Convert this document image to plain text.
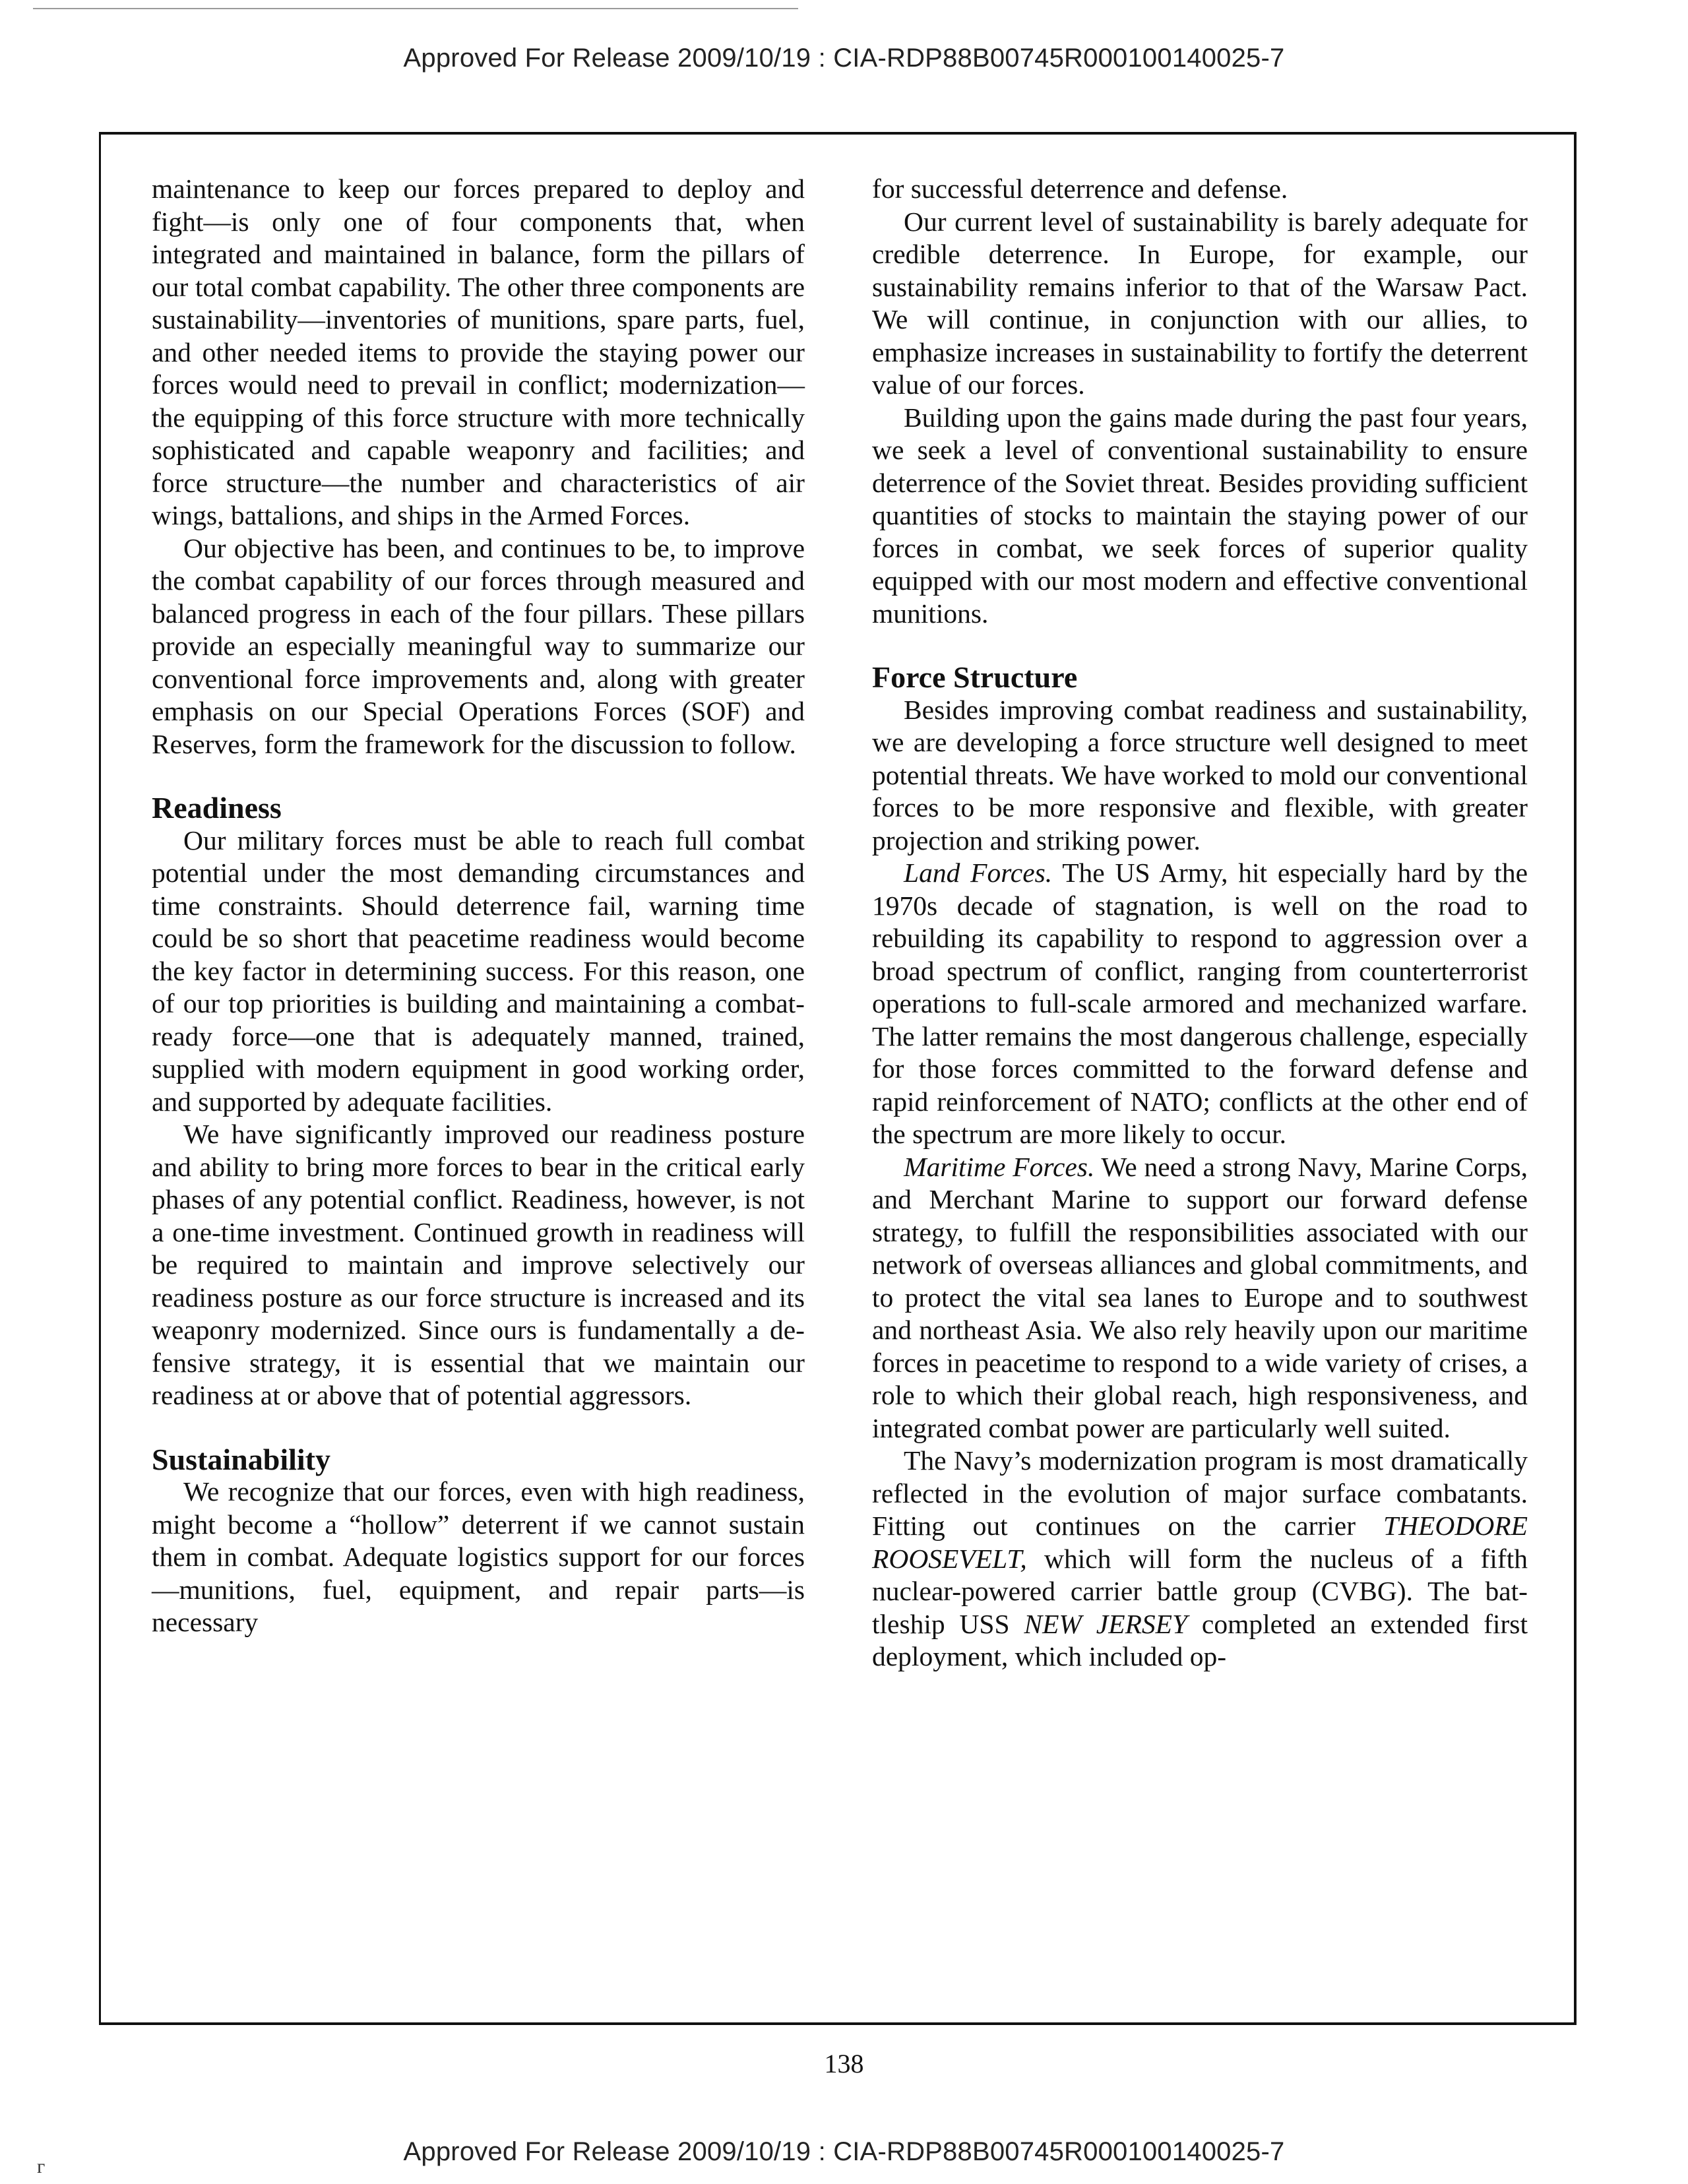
Approved For Release 2009/10/19 : CIA-RDP88B00745R000100140025-7

maintenance to keep our forces prepared to deploy and fight—is only one of four components that, when integrated and maintained in balance, form the pillars of our total combat capability. The other three components are sustainability—inventories of munitions, spare parts, fuel, and other needed items to provide the staying power our forces would need to prevail in conflict; modernization—the equipping of this force structure with more technically sophisticated and capable weaponry and facilities; and force structure—the number and characteristics of air wings, battalions, and ships in the Armed Forces.

Our objective has been, and continues to be, to improve the combat capability of our forces through measured and balanced progress in each of the four pillars. These pillars provide an especially meaningful way to summarize our conventional force improvements and, along with greater emphasis on our Special Operations Forces (SOF) and Reserves, form the framework for the discussion to follow.

Readiness

Our military forces must be able to reach full combat potential under the most demanding circumstances and time constraints. Should deterrence fail, warning time could be so short that peacetime readiness would become the key factor in determining success. For this reason, one of our top priorities is building and maintaining a combat-ready force—one that is adequately manned, trained, supplied with modern equipment in good working order, and supported by adequate facilities.

We have significantly improved our readiness posture and ability to bring more forces to bear in the critical early phases of any potential conflict. Readiness, however, is not a one-time investment. Continued growth in readiness will be required to maintain and improve selectively our readiness posture as our force structure is increased and its weaponry modernized. Since ours is fundamentally a defensive strategy, it is essential that we maintain our readiness at or above that of potential aggressors.

Sustainability

We recognize that our forces, even with high readiness, might become a “hollow” deterrent if we cannot sustain them in combat. Adequate logistics support for our forces—munitions, fuel, equipment, and repair parts—is necessary

for successful deterrence and defense.

Our current level of sustainability is barely adequate for credible deterrence. In Europe, for example, our sustainability remains inferior to that of the Warsaw Pact. We will continue, in conjunction with our allies, to emphasize increases in sustainability to fortify the deterrent value of our forces.

Building upon the gains made during the past four years, we seek a level of conventional sustainability to ensure deterrence of the Soviet threat. Besides providing sufficient quantities of stocks to maintain the staying power of our forces in combat, we seek forces of superior quality equipped with our most modern and effective conventional munitions.

Force Structure

Besides improving combat readiness and sustainability, we are developing a force structure well designed to meet potential threats. We have worked to mold our conventional forces to be more responsive and flexible, with greater projection and striking power.

Land Forces. The US Army, hit especially hard by the 1970s decade of stagnation, is well on the road to rebuilding its capability to respond to aggression over a broad spectrum of conflict, ranging from counterterrorist operations to full-scale armored and mechanized warfare. The latter remains the most dangerous challenge, especially for those forces committed to the forward defense and rapid reinforcement of NATO; conflicts at the other end of the spectrum are more likely to occur.

Maritime Forces. We need a strong Navy, Marine Corps, and Merchant Marine to support our forward defense strategy, to fulfill the responsibilities associated with our network of overseas alliances and global commitments, and to protect the vital sea lanes to Europe and to southwest and northeast Asia. We also rely heavily upon our maritime forces in peacetime to respond to a wide variety of crises, a role to which their global reach, high responsiveness, and integrated combat power are particularly well suited.

The Navy’s modernization program is most dramatically reflected in the evolution of major surface combatants. Fitting out continues on the carrier THEODORE ROOSEVELT, which will form the nucleus of a fifth nuclear-powered carrier battle group (CVBG). The battleship USS NEW JERSEY completed an extended first deployment, which included op-

138
г
Approved For Release 2009/10/19 : CIA-RDP88B00745R000100140025-7
